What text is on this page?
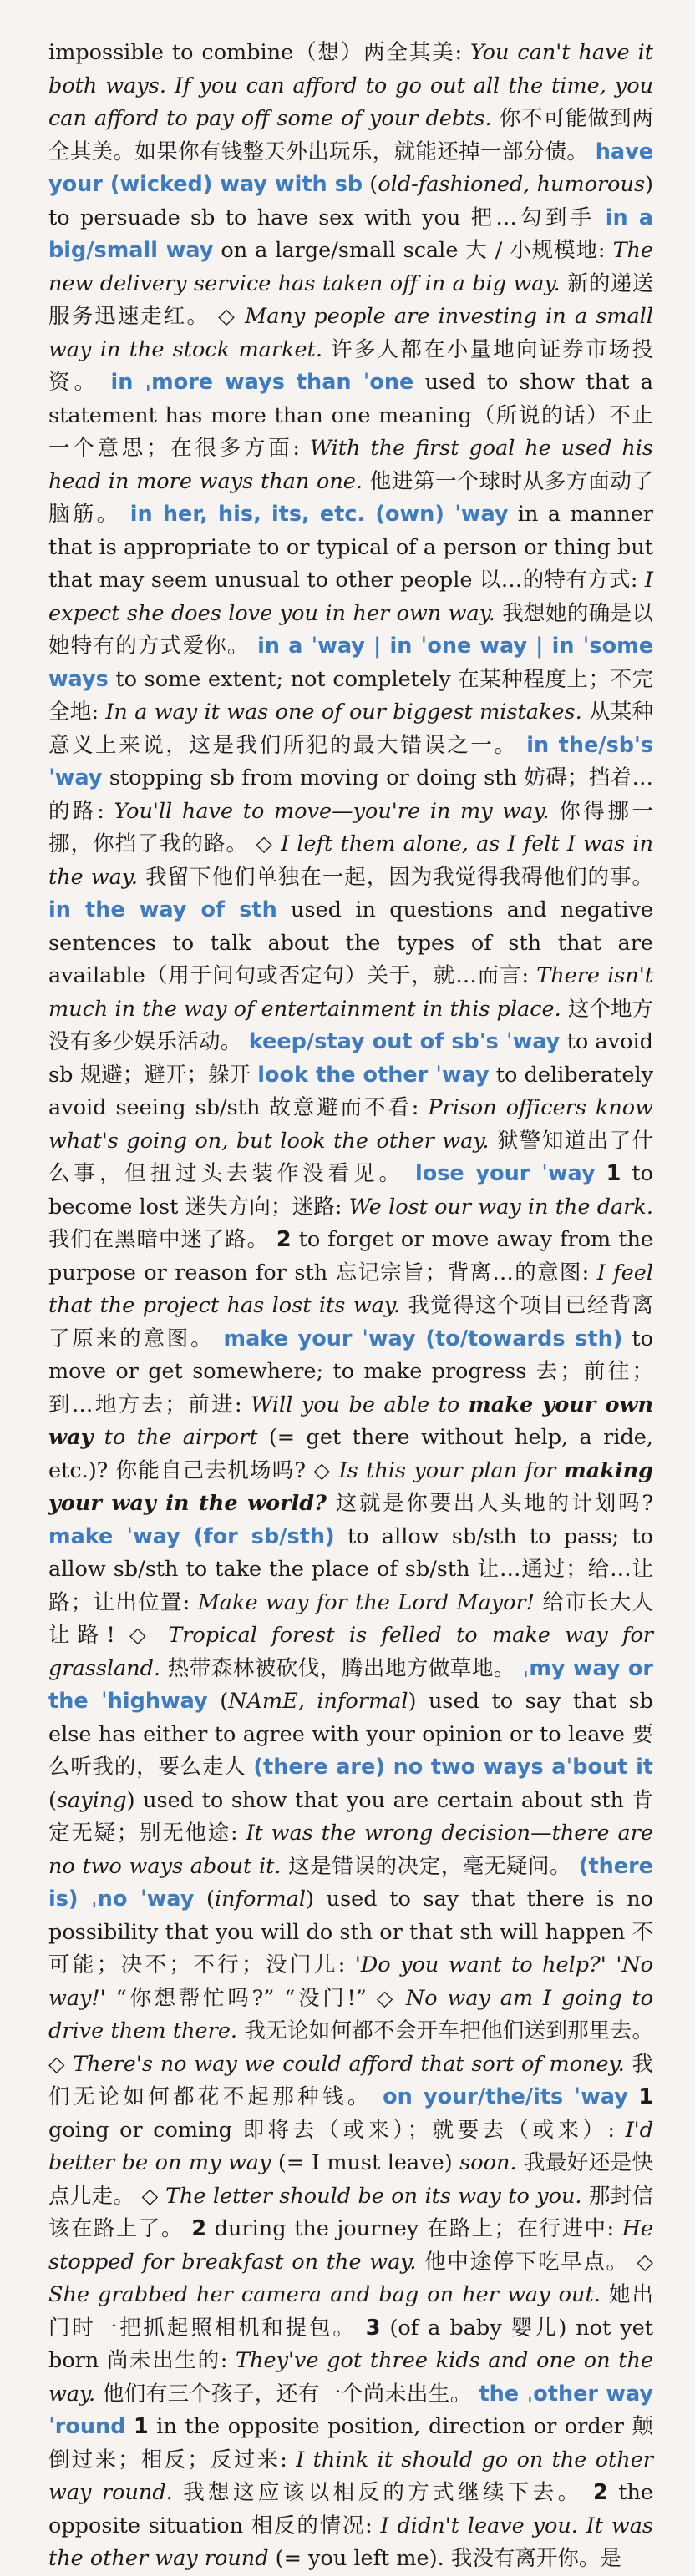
impossible to combine（想）两全其美: You can't have it both ways. If you can afford to go out all the time, you can afford to pay off some of your debts. 你不可能做到两全其美。如果你有钱整天外出玩乐，就能还掉一部分债。 have your (wicked) way with sb (old-fashioned, humorous) to persuade sb to have sex with you 把…勾到手 in a big/small way on a large/small scale 大 / 小规模地: The new delivery service has taken off in a big way. 新的递送服务迅速走红。 ◇ Many people are investing in a small way in the stock market. 许多人都在小量地向证券市场投资。 in ˌmore ways than ˈone used to show that a statement has more than one meaning（所说的话）不止一个意思；在很多方面: With the first goal he used his head in more ways than one. 他进第一个球时从多方面动了脑筋。 in her, his, its, etc. (own) ˈway in a manner that is appropriate to or typical of a person or thing but that may seem unusual to other people 以…的特有方式: I expect she does love you in her own way. 我想她的确是以她特有的方式爱你。 in a ˈway | in ˈone way | in ˈsome ways to some extent; not completely 在某种程度上；不完全地: In a way it was one of our biggest mistakes. 从某种意义上来说，这是我们所犯的最大错误之一。 in the/sb's ˈway stopping sb from moving or doing sth 妨碍；挡着…的路: You'll have to move—you're in my way. 你得挪一挪，你挡了我的路。 ◇ I left them alone, as I felt I was in the way. 我留下他们单独在一起，因为我觉得我碍他们的事。 in the way of sth used in questions and negative sentences to talk about the types of sth that are available（用于问句或否定句）关于，就…而言: There isn't much in the way of entertainment in this place. 这个地方没有多少娱乐活动。 keep/stay out of sb's ˈway to avoid sb 规避；避开；躲开 look the other ˈway to deliberately avoid seeing sb/sth 故意避而不看: Prison officers know what's going on, but look the other way. 狱警知道出了什么事，但扭过头去装作没看见。 lose your ˈway 1 to become lost 迷失方向；迷路: We lost our way in the dark. 我们在黑暗中迷了路。 2 to forget or move away from the purpose or reason for sth 忘记宗旨；背离…的意图: I feel that the project has lost its way. 我觉得这个项目已经背离了原来的意图。 make your ˈway (to/towards sth) to move or get somewhere; to make progress 去；前往；到…地方去；前进: Will you be able to make your own way to the airport (= get there without help, a ride, etc.)? 你能自己去机场吗? ◇ Is this your plan for making your way in the world? 这就是你要出人头地的计划吗? make ˈway (for sb/sth) to allow sb/sth to pass; to allow sb/sth to take the place of sb/sth 让…通过；给…让路；让出位置: Make way for the Lord Mayor! 给市长大人让路! ◇ Tropical forest is felled to make way for grassland. 热带森林被砍伐，腾出地方做草地。 ˌmy way or the ˈhighway (NAmE, informal) used to say that sb else has either to agree with your opinion or to leave 要么听我的，要么走人 (there are) no two ways aˈbout it (saying) used to show that you are certain about sth 肯定无疑；别无他途: It was the wrong decision—there are no two ways about it. 这是错误的决定，毫无疑问。 (there is) ˌno ˈway (informal) used to say that there is no possibility that you will do sth or that sth will happen 不可能；决不；不行；没门儿: 'Do you want to help?' 'No way!' “你想帮忙吗?” “没门!” ◇ No way am I going to drive them there. 我无论如何都不会开车把他们送到那里去。 ◇ There's no way we could afford that sort of money. 我们无论如何都花不起那种钱。 on your/the/its ˈway 1 going or coming 即将去（或来）；就要去（或来）: I'd better be on my way (= I must leave) soon. 我最好还是快点儿走。 ◇ The letter should be on its way to you. 那封信该在路上了。 2 during the journey 在路上；在行进中: He stopped for breakfast on the way. 他中途停下吃早点。 ◇ She grabbed her camera and bag on her way out. 她出门时一把抓起照相机和提包。 3 (of a baby 婴儿) not yet born 尚未出生的: They've got three kids and one on the way. 他们有三个孩子，还有一个尚未出生。 the ˌother way ˈround 1 in the opposite position, direction or order 颠倒过来；相反；反过来: I think it should go on the other way round. 我想这应该以相反的方式继续下去。 2 the opposite situation 相反的情况: I didn't leave you. It was the other way round (= you left me). 我没有离开你。是
